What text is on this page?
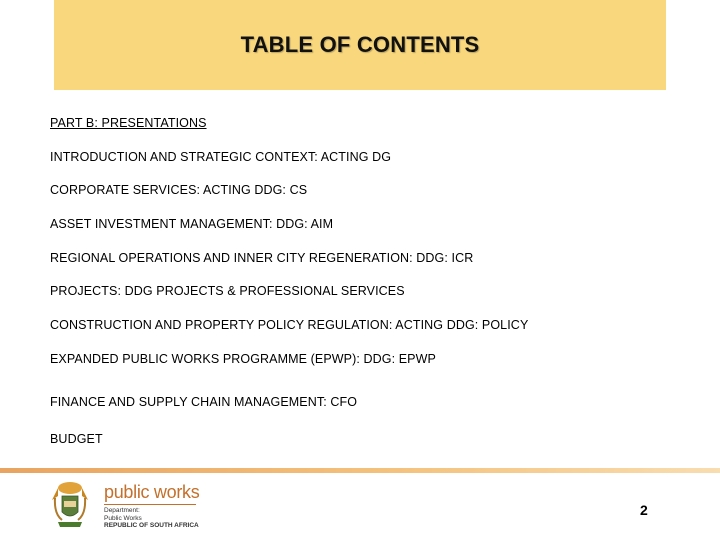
TABLE OF CONTENTS
PART B: PRESENTATIONS
INTRODUCTION AND STRATEGIC CONTEXT: ACTING DG
CORPORATE SERVICES: ACTING DDG: CS
ASSET INVESTMENT MANAGEMENT: DDG: AIM
REGIONAL OPERATIONS AND INNER CITY REGENERATION: DDG: ICR
PROJECTS: DDG PROJECTS & PROFESSIONAL SERVICES
CONSTRUCTION AND PROPERTY POLICY REGULATION: ACTING DDG: POLICY
EXPANDED PUBLIC WORKS PROGRAMME (EPWP): DDG: EPWP
FINANCE AND SUPPLY CHAIN MANAGEMENT: CFO
BUDGET
public works
Department:
Public Works
REPUBLIC OF SOUTH AFRICA
2
